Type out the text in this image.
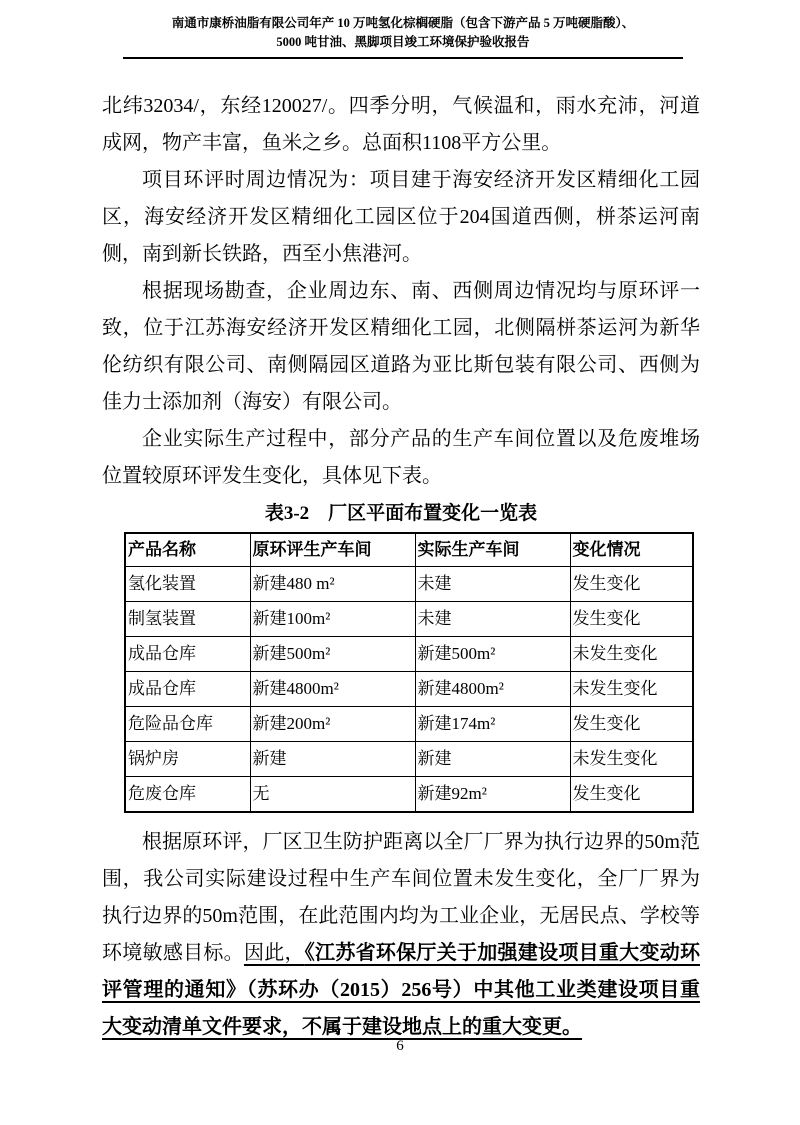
南通市康桥油脂有限公司年产 10 万吨氢化棕榈硬脂（包含下游产品 5 万吨硬脂酸）、
5000 吨甘油、黑脚项目竣工环境保护验收报告

北纬32034/，东经120027/。四季分明，气候温和，雨水充沛，河道成网，物产丰富，鱼米之乡。总面积1108平方公里。

项目环评时周边情况为：项目建于海安经济开发区精细化工园区，海安经济开发区精细化工园区位于204国道西侧，栟茶运河南侧，南到新长铁路，西至小焦港河。

根据现场勘查，企业周边东、南、西侧周边情况均与原环评一致，位于江苏海安经济开发区精细化工园，北侧隔栟茶运河为新华伦纺织有限公司、南侧隔园区道路为亚比斯包装有限公司、西侧为佳力士添加剂（海安）有限公司。

企业实际生产过程中，部分产品的生产车间位置以及危废堆场位置较原环评发生变化，具体见下表。

表3-2　厂区平面布置变化一览表

产品名称	原环评生产车间	实际生产车间	变化情况
氢化装置	新建480 m²	未建	发生变化
制氢装置	新建100m²	未建	发生变化
成品仓库	新建500m²	新建500m²	未发生变化
成品仓库	新建4800m²	新建4800m²	未发生变化
危险品仓库	新建200m²	新建174m²	发生变化
锅炉房	新建	新建	未发生变化
危废仓库	无	新建92m²	发生变化

根据原环评，厂区卫生防护距离以全厂厂界为执行边界的50m范围，我公司实际建设过程中生产车间位置未发生变化，全厂厂界为执行边界的50m范围，在此范围内均为工业企业，无居民点、学校等环境敏感目标。因此，《江苏省环保厅关于加强建设项目重大变动环评管理的通知》（苏环办（2015）256号）中其他工业类建设项目重大变动清单文件要求，不属于建设地点上的重大变更。

6
